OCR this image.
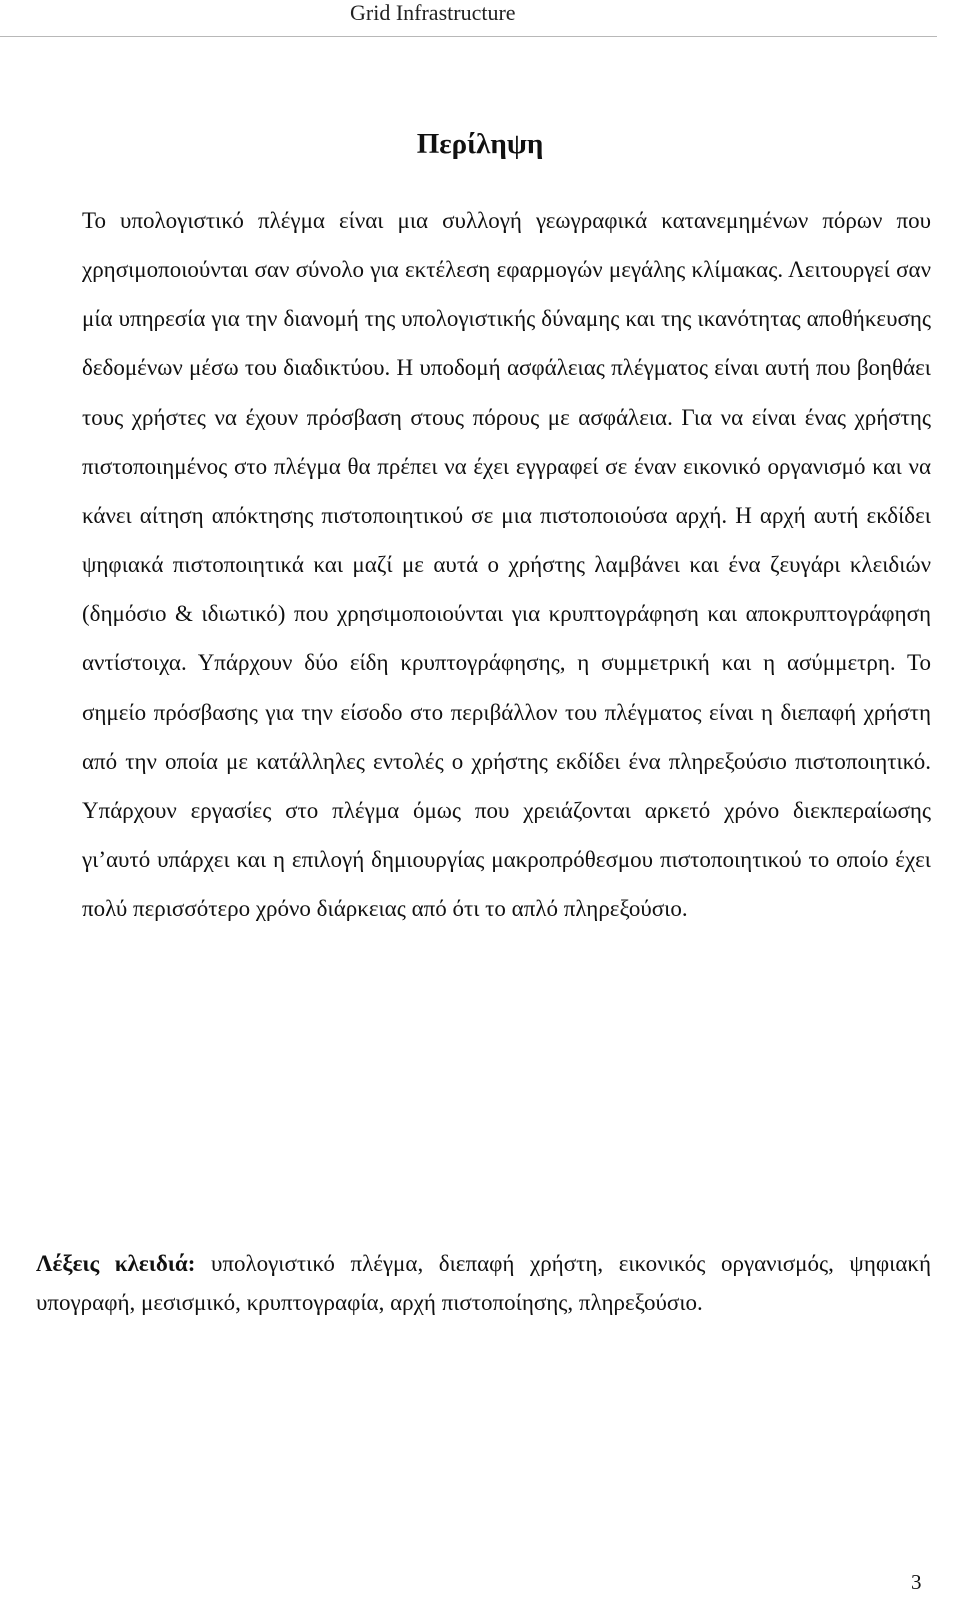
Grid Infrastructure
Περίληψη

Το υπολογιστικό πλέγμα είναι μια συλλογή γεωγραφικά κατανεμημένων πόρων που χρησιμοποιούνται σαν σύνολο για εκτέλεση εφαρμογών μεγάλης κλίμακας. Λειτουργεί σαν μία υπηρεσία για την διανομή της υπολογιστικής δύναμης και της ικανότητας αποθήκευσης δεδομένων μέσω του διαδικτύου. Η υποδομή ασφάλειας πλέγματος είναι αυτή που βοηθάει τους χρήστες να έχουν πρόσβαση στους πόρους με ασφάλεια. Για να είναι ένας χρήστης πιστοποιημένος στο πλέγμα θα πρέπει να έχει εγγραφεί σε έναν εικονικό οργανισμό και να κάνει αίτηση απόκτησης πιστοποιητικού σε μια πιστοποιούσα αρχή. Η αρχή αυτή εκδίδει ψηφιακά πιστοποιητικά και μαζί με αυτά ο χρήστης λαμβάνει και ένα ζευγάρι κλειδιών (δημόσιο & ιδιωτικό) που χρησιμοποιούνται για κρυπτογράφηση και αποκρυπτογράφηση αντίστοιχα. Υπάρχουν δύο είδη κρυπτογράφησης, η συμμετρική και η ασύμμετρη. Το σημείο πρόσβασης για την είσοδο στο περιβάλλον του πλέγματος είναι η διεπαφή χρήστη από την οποία με κατάλληλες εντολές ο χρήστης εκδίδει ένα πληρεξούσιο πιστοποιητικό. Υπάρχουν εργασίες στο πλέγμα όμως που χρειάζονται αρκετό χρόνο διεκπεραίωσης γι’αυτό υπάρχει και η επιλογή δημιουργίας μακροπρόθεσμου πιστοποιητικού το οποίο έχει πολύ περισσότερο χρόνο διάρκειας από ότι το απλό πληρεξούσιο.

Λέξεις κλειδιά: υπολογιστικό πλέγμα, διεπαφή χρήστη, εικονικός οργανισμός, ψηφιακή υπογραφή, μεσισμικό, κρυπτογραφία, αρχή πιστοποίησης, πληρεξούσιο.

3
